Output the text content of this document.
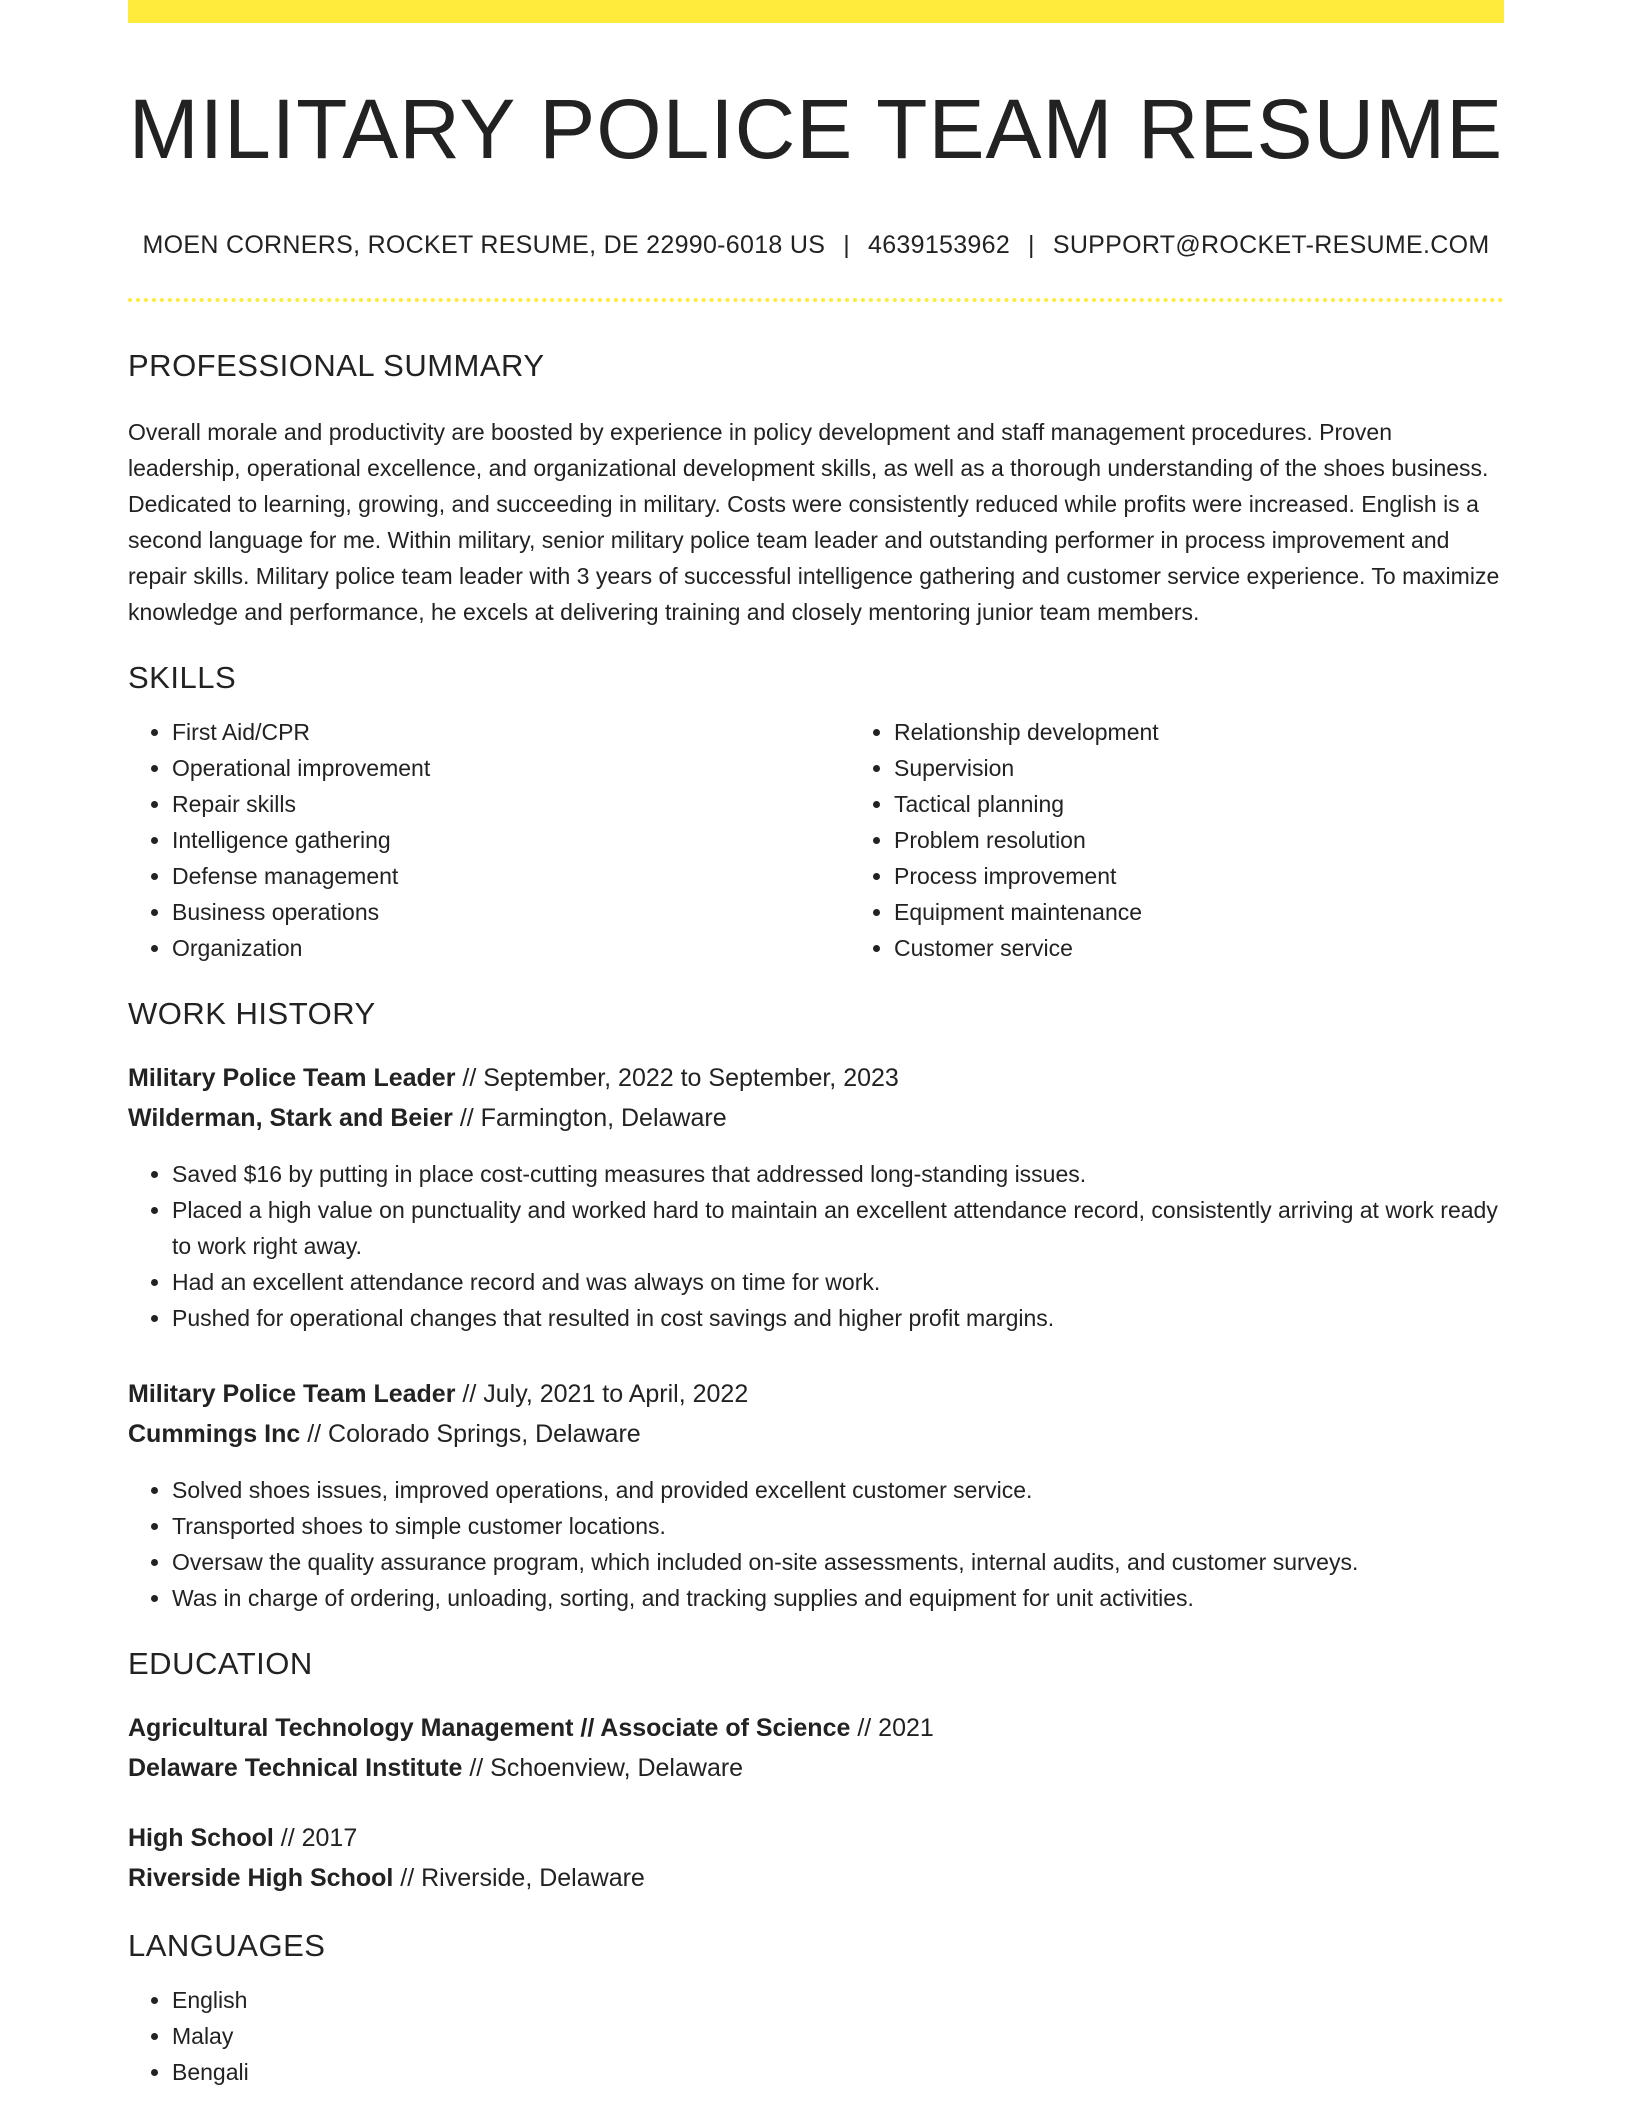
MILITARY POLICE TEAM RESUME
MOEN CORNERS, ROCKET RESUME, DE 22990-6018 US | 4639153962 | SUPPORT@ROCKET-RESUME.COM
PROFESSIONAL SUMMARY
Overall morale and productivity are boosted by experience in policy development and staff management procedures. Proven leadership, operational excellence, and organizational development skills, as well as a thorough understanding of the shoes business. Dedicated to learning, growing, and succeeding in military. Costs were consistently reduced while profits were increased. English is a second language for me. Within military, senior military police team leader and outstanding performer in process improvement and repair skills. Military police team leader with 3 years of successful intelligence gathering and customer service experience. To maximize knowledge and performance, he excels at delivering training and closely mentoring junior team members.
SKILLS
• First Aid/CPR
• Operational improvement
• Repair skills
• Intelligence gathering
• Defense management
• Business operations
• Organization
• Relationship development
• Supervision
• Tactical planning
• Problem resolution
• Process improvement
• Equipment maintenance
• Customer service
WORK HISTORY
Military Police Team Leader // September, 2022 to September, 2023
Wilderman, Stark and Beier // Farmington, Delaware
• Saved $16 by putting in place cost-cutting measures that addressed long-standing issues.
• Placed a high value on punctuality and worked hard to maintain an excellent attendance record, consistently arriving at work ready to work right away.
• Had an excellent attendance record and was always on time for work.
• Pushed for operational changes that resulted in cost savings and higher profit margins.
Military Police Team Leader // July, 2021 to April, 2022
Cummings Inc // Colorado Springs, Delaware
• Solved shoes issues, improved operations, and provided excellent customer service.
• Transported shoes to simple customer locations.
• Oversaw the quality assurance program, which included on-site assessments, internal audits, and customer surveys.
• Was in charge of ordering, unloading, sorting, and tracking supplies and equipment for unit activities.
EDUCATION
Agricultural Technology Management // Associate of Science // 2021
Delaware Technical Institute // Schoenview, Delaware
High School // 2017
Riverside High School // Riverside, Delaware
LANGUAGES
• English
• Malay
• Bengali
